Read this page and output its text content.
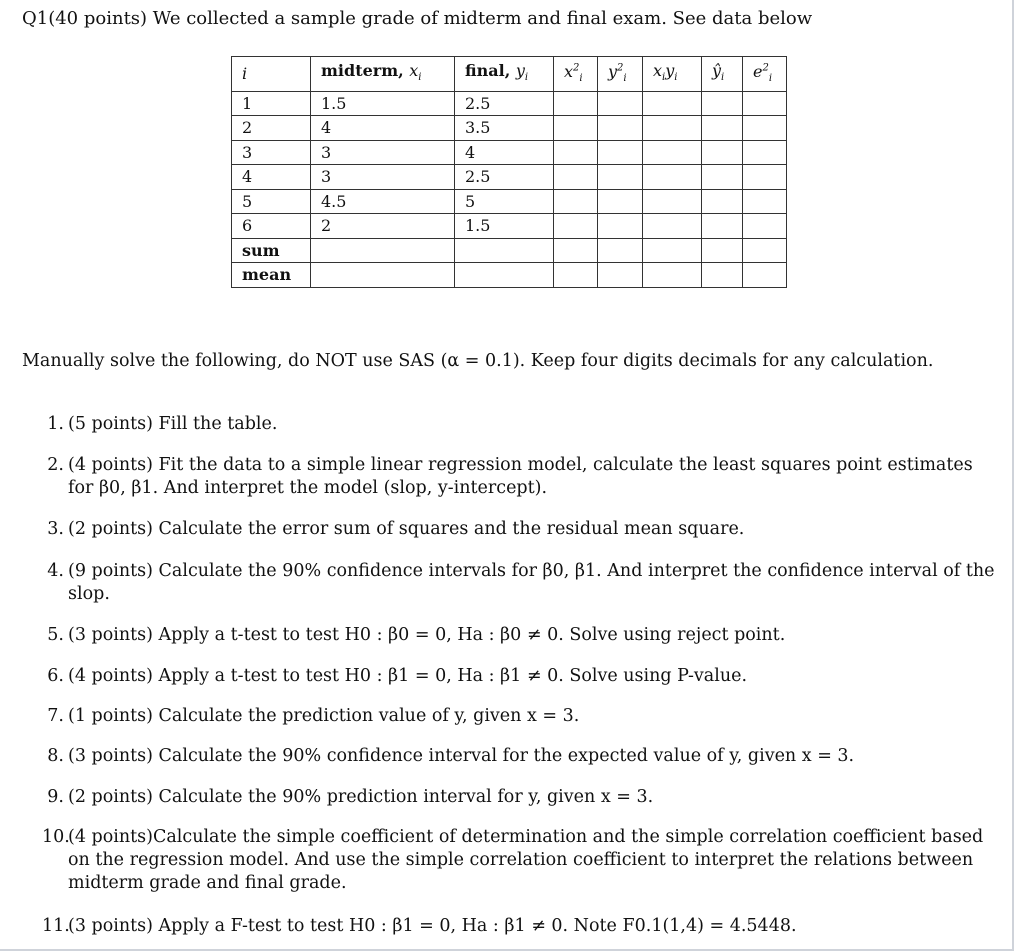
Q1(40 points) We collected a sample grade of midterm and final exam. See data below
i	midterm, $x_i$	final, $y_i$	$x^2_i$	$y^2_i$	$x_iy_i$	$ŷ_i$	$e^2_i$
1	1.5	2.5					
2	4	3.5					
3	3	4					
4	3	2.5					
5	4.5	5					
6	2	1.5					
sum							
mean							
Manually solve the following, do NOT use SAS (α = 0.1). Keep four digits decimals for any calculation.
1. (5 points) Fill the table.
2. (4 points) Fit the data to a simple linear regression model, calculate the least squares point estimates for β0, β1. And interpret the model (slop, y-intercept).
3. (2 points) Calculate the error sum of squares and the residual mean square.
4. (9 points) Calculate the 90% confidence intervals for β0, β1. And interpret the confidence interval of the slop.
5. (3 points) Apply a t-test to test H0 : β0 = 0, Ha : β0 ≠ 0. Solve using reject point.
6. (4 points) Apply a t-test to test H0 : β1 = 0, Ha : β1 ≠ 0. Solve using P-value.
7. (1 points) Calculate the prediction value of y, given x = 3.
8. (3 points) Calculate the 90% confidence interval for the expected value of y, given x = 3.
9. (2 points) Calculate the 90% prediction interval for y, given x = 3.
10.
(4 points)Calculate the simple coefficient of determination and the simple correlation coefficient based on the regression model. And use the simple correlation coefficient to interpret the relations between midterm grade and final grade.
11.
(3 points) Apply a F-test to test H0 : β1 = 0, Ha : β1 ≠ 0. Note F0.1(1,4) = 4.5448.
